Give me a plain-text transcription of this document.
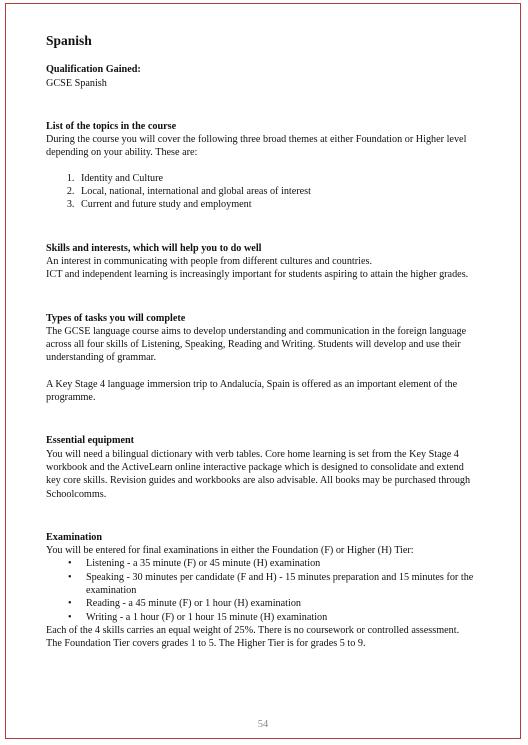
Spanish
Qualification Gained:

GCSE Spanish

List of the topics in the course

During the course you will cover the following three broad themes at either Foundation or Higher level depending on your ability. These are:

1. Identity and Culture
2. Local, national, international and global areas of interest
3. Current and future study and employment
Skills and interests, which will help you to do well

An interest in communicating with people from different cultures and countries.

ICT and independent learning is increasingly important for students aspiring to attain the higher grades.

Types of tasks you will complete

The GCSE language course aims to develop understanding and communication in the foreign language across all four skills of Listening, Speaking, Reading and Writing. Students will develop and use their understanding of grammar.

A Key Stage 4 language immersion trip to Andalucía, Spain is offered as an important element of the programme.

Essential equipment

You will need a bilingual dictionary with verb tables. Core home learning is set from the Key Stage 4 workbook and the ActiveLearn online interactive package which is designed to consolidate and extend key core skills. Revision guides and workbooks are also advisable. All books may be purchased through Schoolcomms.

Examination

You will be entered for final examinations in either the Foundation (F) or Higher (H) Tier:

• Listening - a 35 minute (F) or 45 minute (H) examination
• Speaking - 30 minutes per candidate (F and H) - 15 minutes preparation and 15 minutes for the examination
• Reading - a 45 minute (F) or 1 hour (H) examination
• Writing - a 1 hour (F) or 1 hour 15 minute (H) examination

Each of the 4 skills carries an equal weight of 25%. There is no coursework or controlled assessment. The Foundation Tier covers grades 1 to 5. The Higher Tier is for grades 5 to 9.

54
